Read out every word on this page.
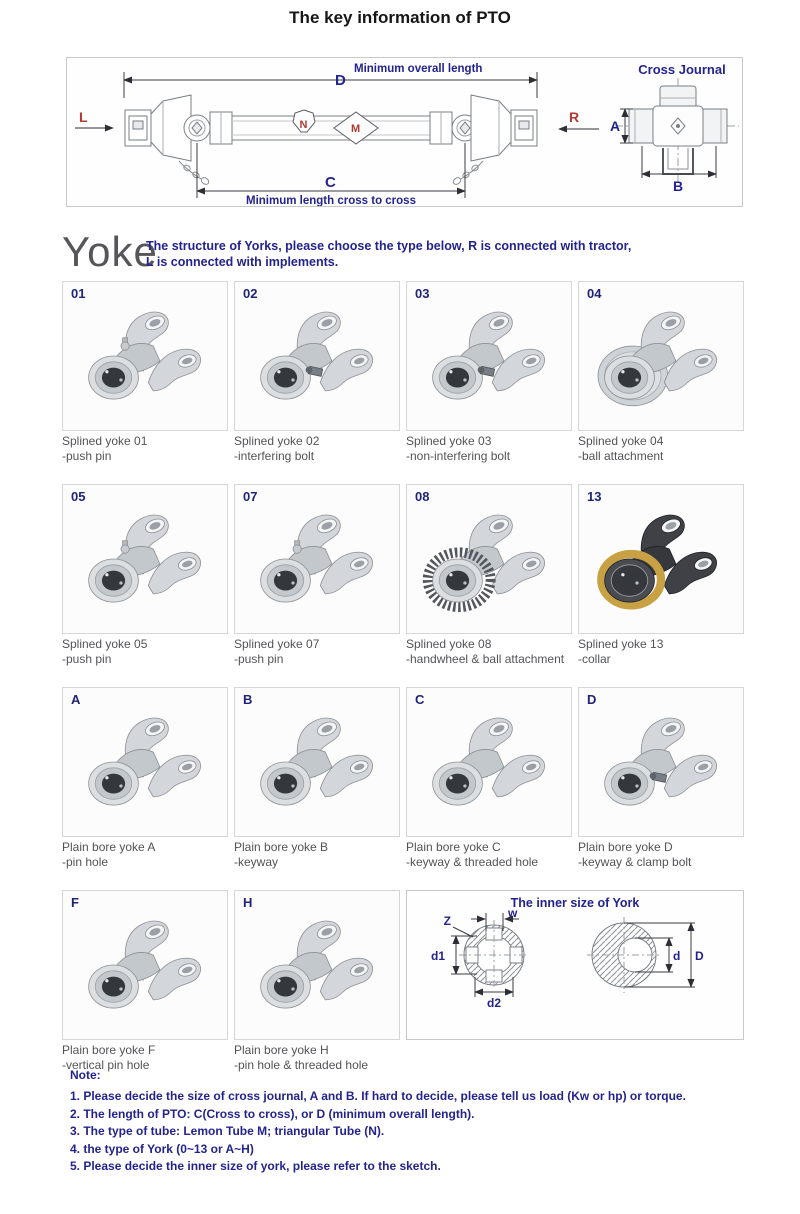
The key information of PTO
D
Minimum overall length
N	M
C
Minimum length cross to cross
L	R
Cross Journal
A
B
Yoke
The structure of Yorks, please choose the type below, R is connected with tractor,
L is connected with implements.
01
Splined yoke 01
-push pin
02
Splined yoke 02
-interfering bolt
03
Splined yoke 03
-non-interfering bolt
04
Splined yoke 04
-ball attachment
05
Splined yoke 05
-push pin
07
Splined yoke 07
-push pin
08
Splined yoke 08
-handwheel & ball attachment
13
Splined yoke 13
-collar
A
Plain bore yoke A
-pin hole
B
Plain bore yoke B
-keyway
C
Plain bore yoke C
-keyway & threaded hole
D
Plain bore yoke D
-keyway & clamp bolt
F
Plain bore yoke F
-vertical pin hole
H
Plain bore yoke H
-pin hole & threaded hole
The inner size of York
w
Z
d1
d2
d D
Note:
1. Please decide the size of cross journal, A and B. If hard to decide, please tell us load (Kw or hp) or torque.
2. The length of PTO: C(Cross to cross), or D (minimum overall length).
3. The type of tube: Lemon Tube M; triangular Tube (N).
4. the type of York (0~13 or A~H)
5. Please decide the inner size of york, please refer to the sketch.
